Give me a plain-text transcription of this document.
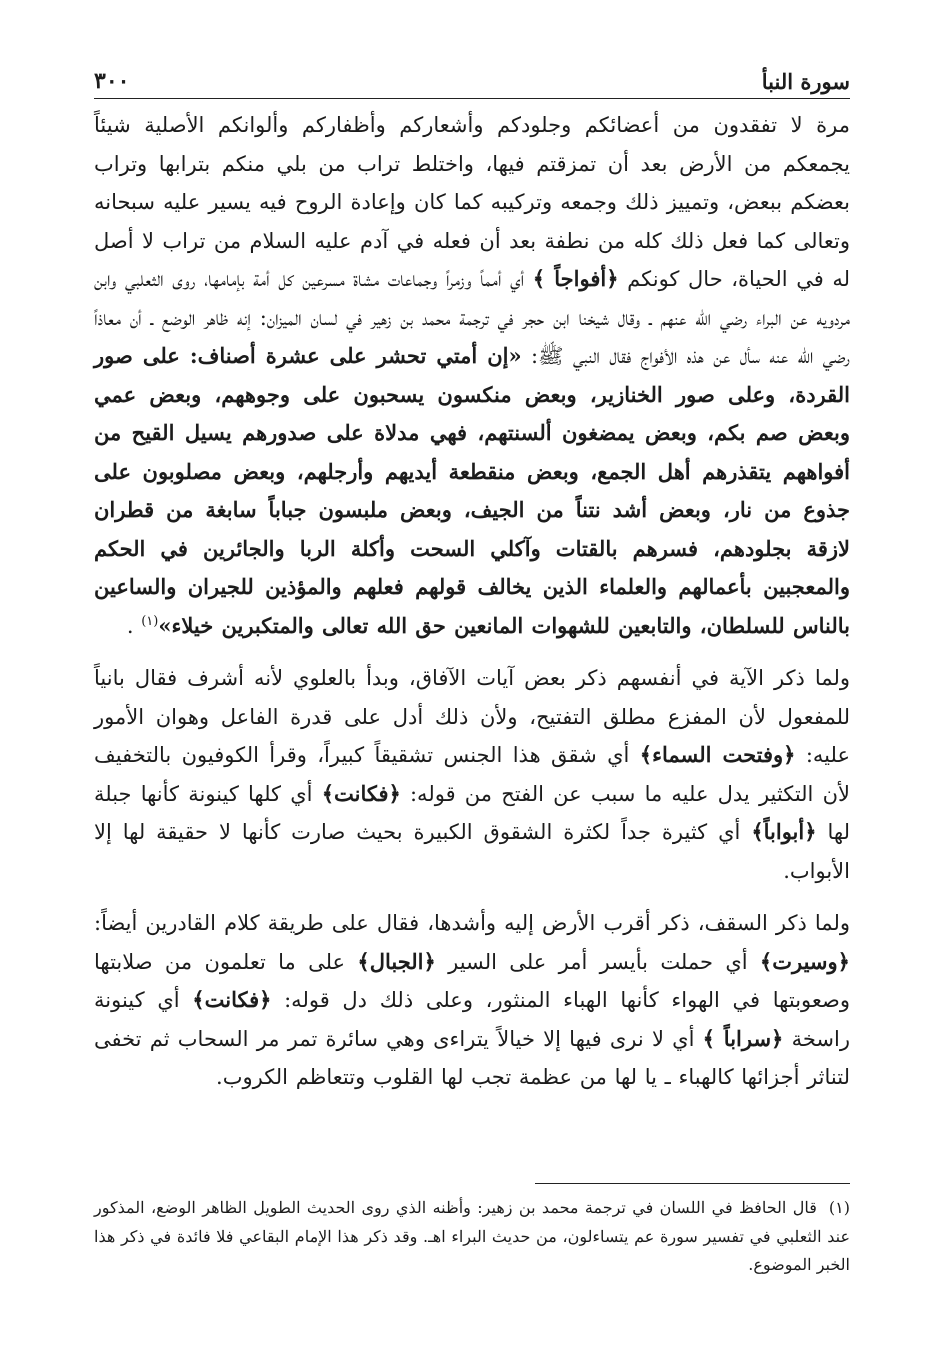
سورة النبأ
٣٠٠

مرة لا تفقدون من أعضائكم وجلودكم وأشعاركم وأظفاركم وألوانكم الأصلية شيئاً يجمعكم من الأرض بعد أن تمزقتم فيها، واختلط تراب من بلي منكم بترابها وتراب بعضكم ببعض، وتمييز ذلك وجمعه وتركيبه كما كان وإعادة الروح فيه يسير عليه سبحانه وتعالى كما فعل ذلك كله من نطفة بعد أن فعله في آدم عليه السلام من تراب لا أصل له في الحياة، حال كونكم ﴿أفواجاً ﴾ أي أمماً وزمراً وجماعات مشاة مسرعين كل أمة بإمامها، روى الثعلبي وابن مردويه عن البراء رضي الله عنهم ـ وقال شيخنا ابن حجر في ترجمة محمد بن زهير في لسان الميزان: إنه ظاهر الوضع ـ أن معاذاً رضي الله عنه سأل عن هذه الأفواج فقال النبي ﷺ: «إن أمتي تحشر على عشرة أصناف: على صور القردة، وعلى صور الخنازير، وبعض منكسون يسحبون على وجوههم، وبعض عمي وبعض صم بكم، وبعض يمضغون ألسنتهم، فهي مدلاة على صدورهم يسيل القيح من أفواههم يتقذرهم أهل الجمع، وبعض منقطعة أيديهم وأرجلهم، وبعض مصلوبون على جذوع من نار، وبعض أشد نتناً من الجيف، وبعض ملبسون جباباً سابغة من قطران لازقة بجلودهم، فسرهم بالقتات وآكلي السحت وأكلة الربا والجائرين في الحكم والمعجبين بأعمالهم والعلماء الذين يخالف قولهم فعلهم والمؤذين للجيران والساعين بالناس للسلطان، والتابعين للشهوات المانعين حق الله تعالى والمتكبرين خيلاء»$^{(١)}$ .

ولما ذكر الآية في أنفسهم ذكر بعض آيات الآفاق، وبدأ بالعلوي لأنه أشرف فقال بانياً للمفعول لأن المفزع مطلق التفتيح، ولأن ذلك أدل على قدرة الفاعل وهوان الأمور عليه: ﴿وفتحت السماء﴾ أي شقق هذا الجنس تشقيقاً كبيراً، وقرأ الكوفيون بالتخفيف لأن التكثير يدل عليه ما سبب عن الفتح من قوله: ﴿فكانت﴾ أي كلها كينونة كأنها جبلة لها ﴿أبواباً﴾ أي كثيرة جداً لكثرة الشقوق الكبيرة بحيث صارت كأنها لا حقيقة لها إلا الأبواب.

ولما ذكر السقف، ذكر أقرب الأرض إليه وأشدها، فقال على طريقة كلام القادرين أيضاً: ﴿وسيرت﴾ أي حملت بأيسر أمر على السير ﴿الجبال﴾ على ما تعلمون من صلابتها وصعوبتها في الهواء كأنها الهباء المنثور، وعلى ذلك دل قوله: ﴿فكانت﴾ أي كينونة راسخة ﴿سراباً ﴾ أي لا نرى فيها إلا خيالاً يتراءى وهي سائرة تمر مر السحاب ثم تخفى لتناثر أجزائها كالهباء ـ يا لها من عظمة تجب لها القلوب وتتعاظم الكروب.

(١)قال الحافظ في اللسان في ترجمة محمد بن زهير: وأظنه الذي روى الحديث الطويل الظاهر الوضع، المذكور عند الثعلبي في تفسير سورة عم يتساءلون، من حديث البراء اهـ. وقد ذكر هذا الإمام البقاعي فلا فائدة في ذكر هذا الخبر الموضوع.
